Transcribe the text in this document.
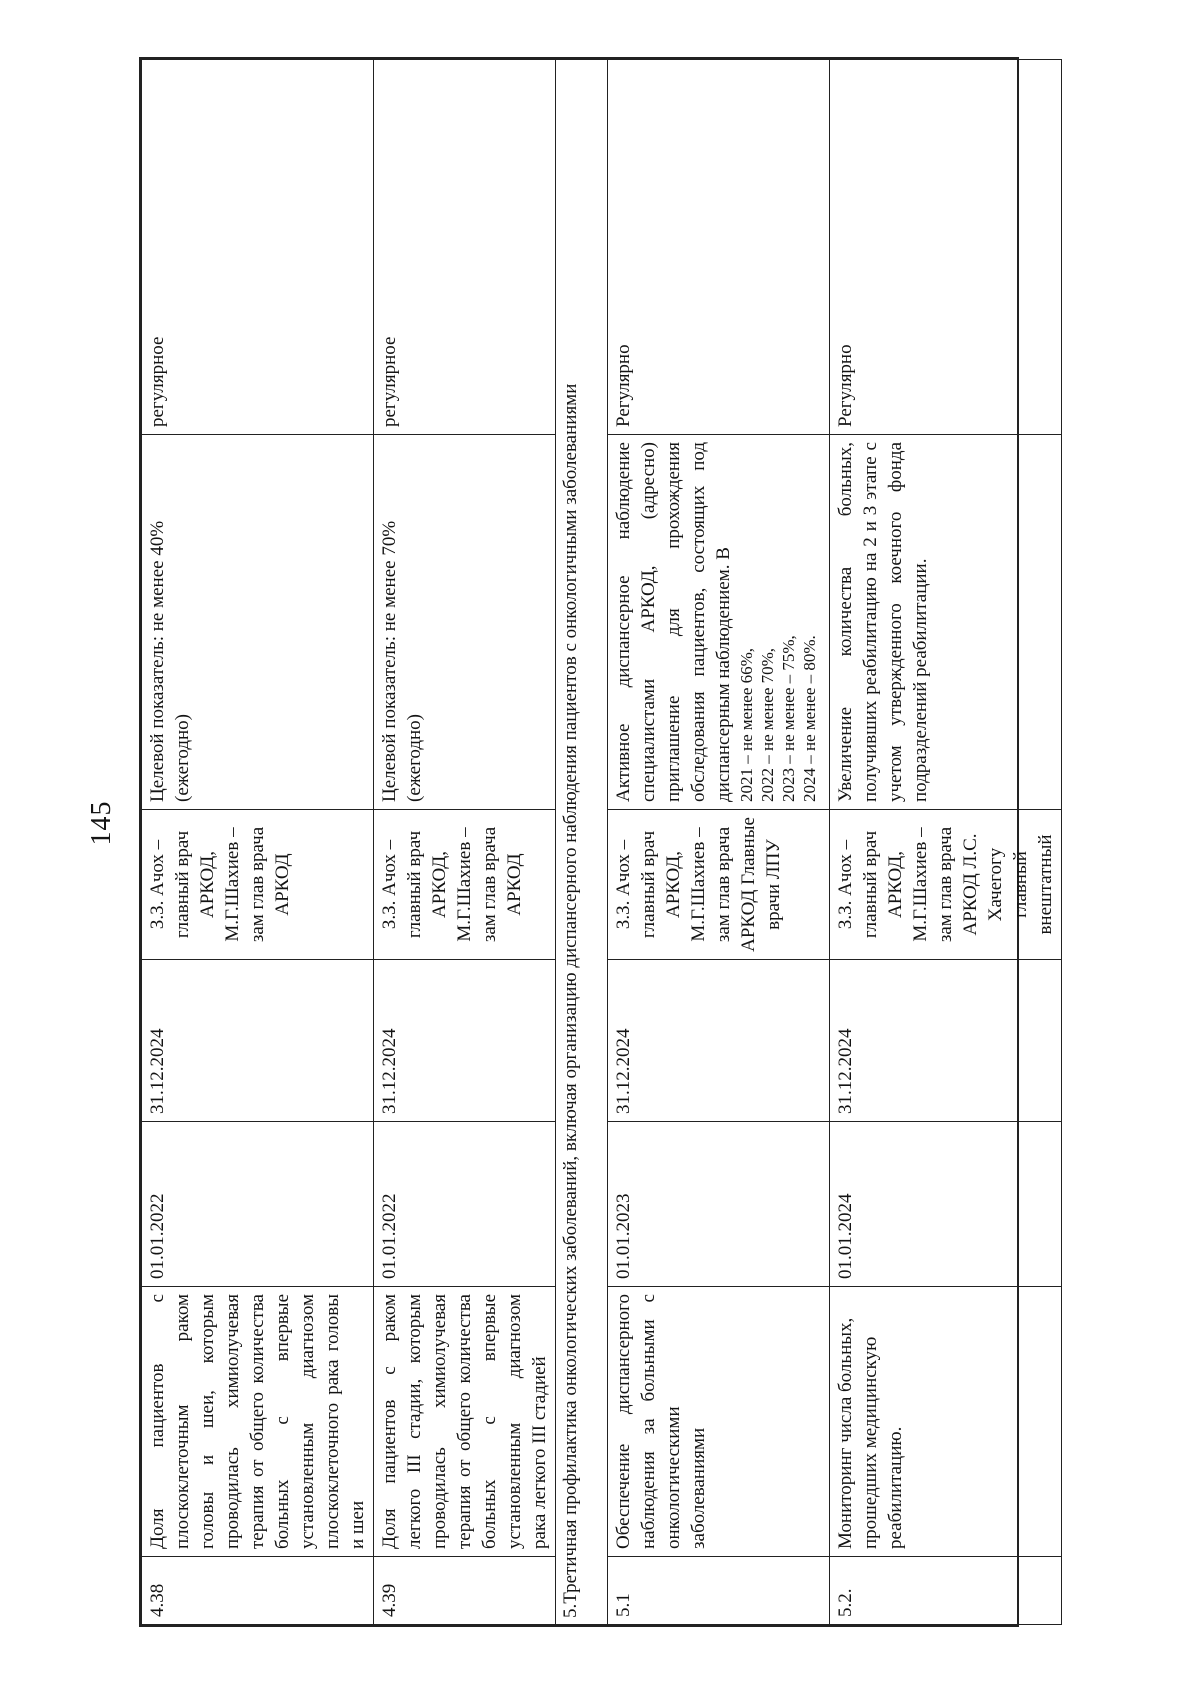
145
4.38	Доля пациентов с плоскоклеточным раком головы и шеи, которым проводилась химиолучевая терапия от общего количества больных с впервые установленным диагнозом плоскоклеточного рака головы и шеи	01.01.2022	31.12.2024	З.З. Ачох – главный врач АРКОД, М.Г.Шахиев – зам глав врача АРКОД	Целевой показатель: не менее 40% (ежегодно)	регулярное
4.39	Доля пациентов с раком легкого III стадии, которым проводилась химиолучевая терапия от общего количества больных с впервые установленным диагнозом рака легкого III стадией	01.01.2022	31.12.2024	З.З. Ачох – главный врач АРКОД, М.Г.Шахиев – зам глав врача АРКОД	Целевой показатель: не менее 70% (ежегодно)	регулярное
5.Третичная профилактика онкологических заболеваний, включая организацию диспансерного наблюдения пациентов с онкологичными заболеваниями						
5.1	Обеспечение диспансерного наблюдения за больными с онкологическими заболеваниями	01.01.2023	31.12.2024	З.З. Ачох – главный врач АРКОД, М.Г.Шахиев – зам глав врача АРКОД Главные врачи ЛПУ	Активное диспансерное наблюдение специалистами АРКОД, (адресно) приглашение для прохождения обследования пациентов, состоящих под диспансерным наблюдением. В 2021 – не менее 66%, 2022 – не менее 70%, 2023 – не менее – 75%, 2024 – не менее – 80%.	Регулярно
5.2.	Мониторинг числа больных, прошедших медицинскую реабилитацию.	01.01.2024	31.12.2024	З.З. Ачох – главный врач АРКОД, М.Г.Шахиев – зам глав врача АРКОД Л.С. Хачегогу главный внештатный	Увеличение количества больных, получивших реабилитацию на 2 и 3 этапе с учетом утвержденного коечного фонда подразделений реабилитации.	Регулярно
